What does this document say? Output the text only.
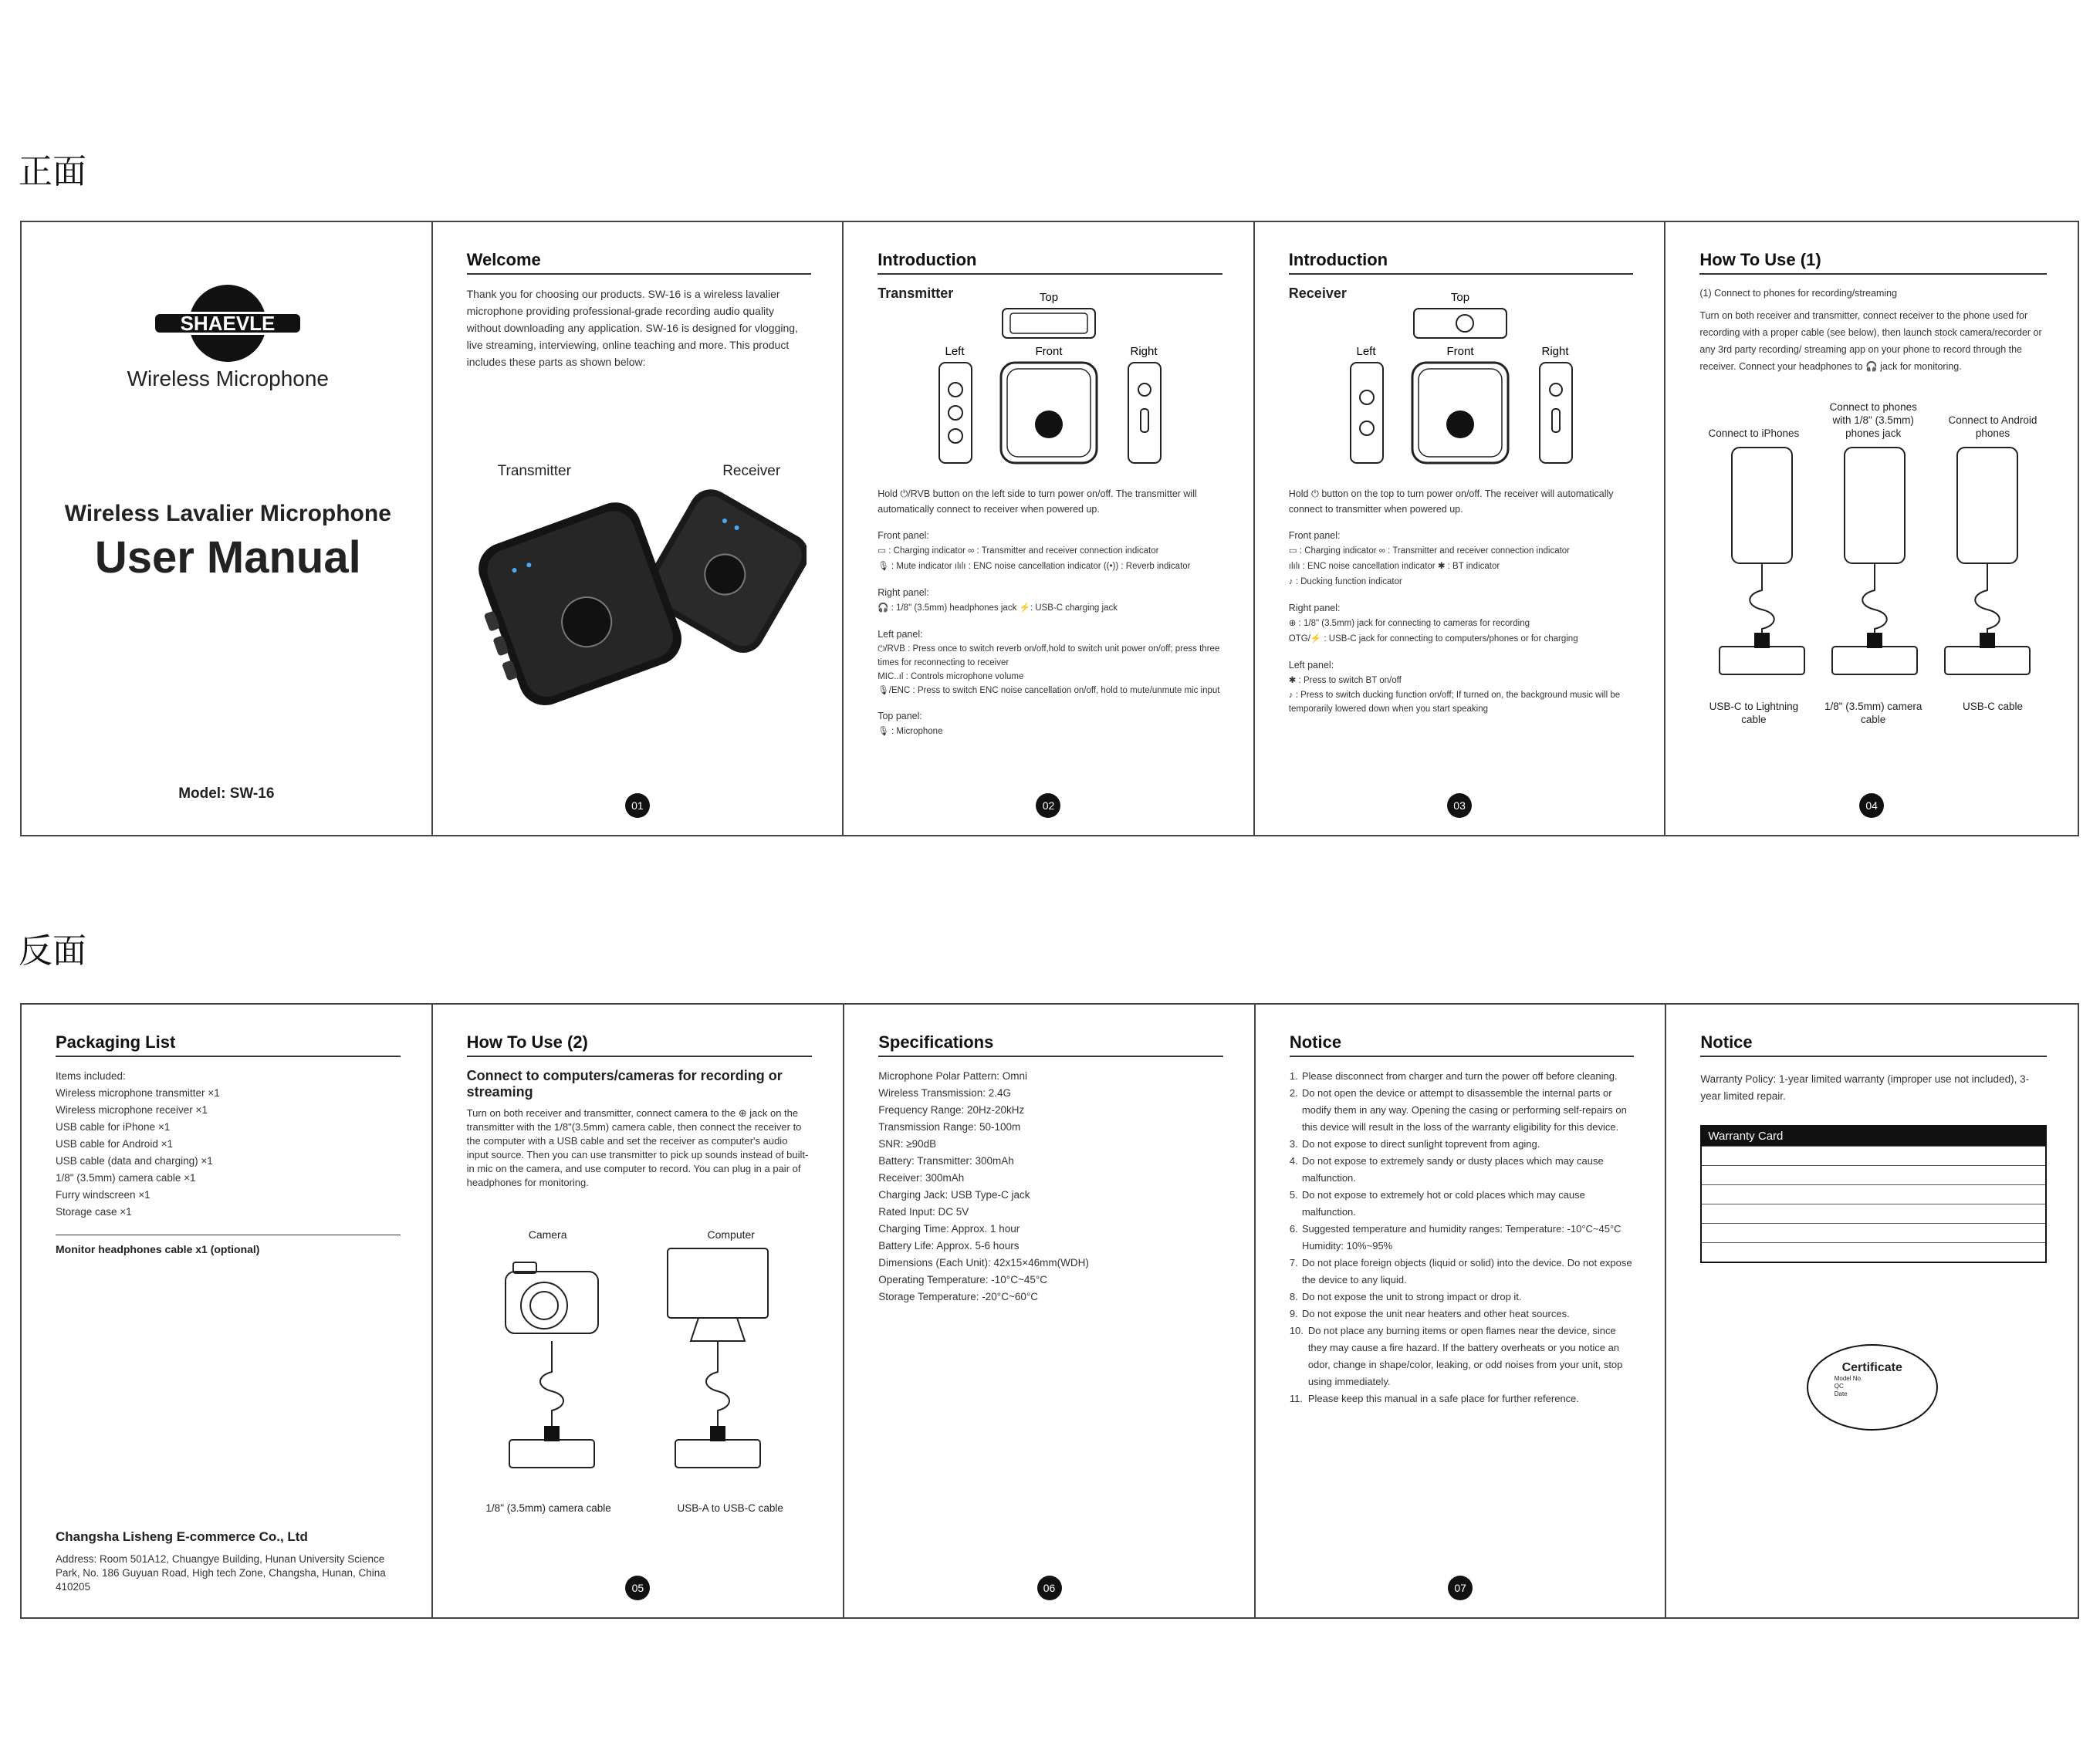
正面
反面
SHAEVLE
Wireless Microphone
Wireless Lavalier Microphone
User Manual
Model: SW-16
Welcome
Thank you for choosing our products. SW-16 is a wireless lavalier microphone providing professional-grade recording audio quality without downloading any application. SW-16 is designed for vlogging, live streaming, interviewing, online teaching and more. This product includes these parts as shown below:
Transmitter	Receiver
01
Introduction
Transmitter	Top
Left	Front	Right
Hold ⏻/RVB button on the left side to turn power on/off. The transmitter will automatically connect to receiver when powered up.
Front panel:
▭ : Charging indicator ∞ : Transmitter and receiver connection indicator
🎙 : Mute indicator ılılı : ENC noise cancellation indicator ((•)) : Reverb indicator
Right panel:
🎧 : 1/8" (3.5mm) headphones jack ⚡: USB-C charging jack
Left panel:
⏻/RVB : Press once to switch reverb on/off,hold to switch unit power on/off; press three times for reconnecting to receiver
MIC..ıl : Controls microphone volume
🎙/ENC : Press to switch ENC noise cancellation on/off, hold to mute/unmute mic input
Top panel:
🎙 : Microphone
02
Introduction
Receiver	Top
Left	Front	Right
Hold ⏻ button on the top to turn power on/off. The receiver will automatically connect to transmitter when powered up.
Front panel:
▭ : Charging indicator ∞ : Transmitter and receiver connection indicator
ılılı : ENC noise cancellation indicator ✱ : BT indicator
♪ : Ducking function indicator
Right panel:
⊕ : 1/8" (3.5mm) jack for connecting to cameras for recording
OTG/⚡ : USB-C jack for connecting to computers/phones or for charging
Left panel:
✱ : Press to switch BT on/off
♪ : Press to switch ducking function on/off; If turned on, the background music will be temporarily lowered down when you start speaking
03
How To Use (1)
(1) Connect to phones for recording/streaming
Turn on both receiver and transmitter, connect receiver to the phone used for recording with a proper cable (see below), then launch stock camera/recorder or any 3rd party recording/ streaming app on your phone to record through the receiver. Connect your headphones to 🎧 jack for monitoring.
Connect to iPhones
Connect to phones with 1/8" (3.5mm) phones jack
Connect to Android phones
USB-C to Lightning cable
1/8" (3.5mm) camera cable
USB-C cable
04
Packaging List
Items included:
Wireless microphone transmitter ×1
Wireless microphone receiver ×1
USB cable for iPhone ×1
USB cable for Android ×1
USB cable (data and charging) ×1
1/8" (3.5mm) camera cable ×1
Furry windscreen ×1
Storage case ×1
Monitor headphones cable x1 (optional)
Changsha Lisheng E-commerce Co., Ltd
Address: Room 501A12, Chuangye Building, Hunan University Science Park, No. 186 Guyuan Road, High tech Zone, Changsha, Hunan, China 410205
How To Use (2)
Connect to computers/cameras for recording or streaming
Turn on both receiver and transmitter, connect camera to the ⊕ jack on the transmitter with the 1/8"(3.5mm) camera cable, then connect the receiver to the computer with a USB cable and set the receiver as computer's audio input source. Then you can use transmitter to pick up sounds instead of built-in mic on the camera, and use computer to record. You can plug in a pair of headphones for monitoring.
Camera	Computer
1/8" (3.5mm) camera cable	USB-A to USB-C cable
05
Specifications
Microphone Polar Pattern: Omni
Wireless Transmission: 2.4G
Frequency Range: 20Hz-20kHz
Transmission Range: 50-100m
SNR: ≥90dB
Battery: Transmitter: 300mAh
Receiver: 300mAh
Charging Jack: USB Type-C jack
Rated Input: DC 5V
Charging Time: Approx. 1 hour
Battery Life: Approx. 5-6 hours
Dimensions (Each Unit): 42x15×46mm(WDH)
Operating Temperature: -10°C~45°C
Storage Temperature: -20°C~60°C
06
Notice
1. Please disconnect from charger and turn the power off before cleaning.
2. Do not open the device or attempt to disassemble the internal parts or modify them in any way. Opening the casing or performing self-repairs on this device will result in the loss of the warranty eligibility for this device.
3. Do not expose to direct sunlight toprevent from aging.
4. Do not expose to extremely sandy or dusty places which may cause malfunction.
5. Do not expose to extremely hot or cold places which may cause malfunction.
6. Suggested temperature and humidity ranges: Temperature: -10°C~45°C Humidity: 10%~95%
7. Do not place foreign objects (liquid or solid) into the device. Do not expose the device to any liquid.
8. Do not expose the unit to strong impact or drop it.
9. Do not expose the unit near heaters and other heat sources.
10. Do not place any burning items or open flames near the device, since they may cause a fire hazard. If the battery overheats or you notice an odor, change in shape/color, leaking, or odd noises from your unit, stop using immediately.
11. Please keep this manual in a safe place for further reference.
07
Notice
Warranty Policy: 1-year limited warranty (improper use not included), 3-year limited repair.
Warranty Card
Certificate
Model No.
QC
Date
